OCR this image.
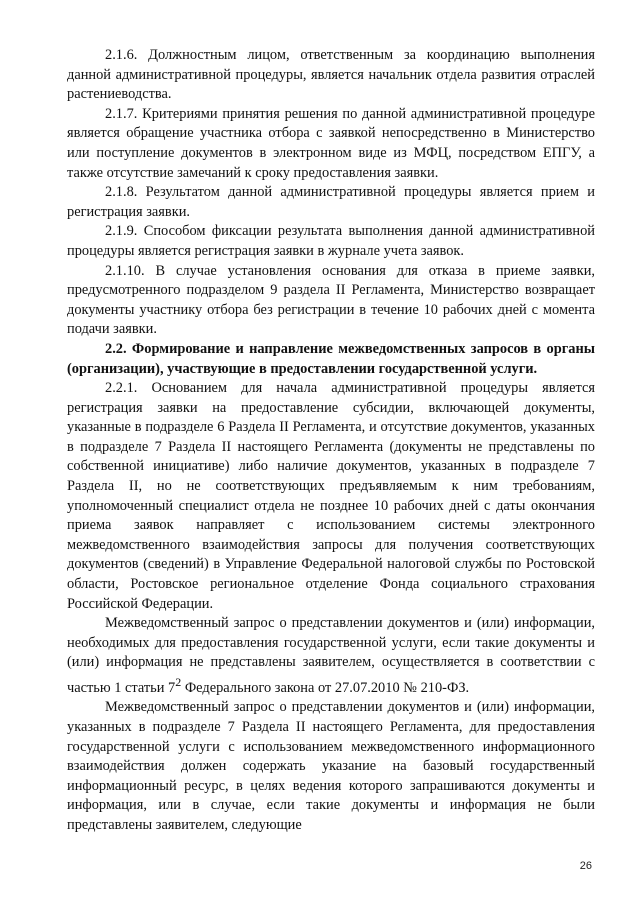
2.1.6. Должностным лицом, ответственным за координацию выполнения данной административной процедуры, является начальник отдела развития отраслей растениеводства.

2.1.7. Критериями принятия решения по данной административной процедуре является обращение участника отбора с заявкой непосредственно в Министерство или поступление документов в электронном виде из МФЦ, посредством ЕПГУ, а также отсутствие замечаний к сроку предоставления заявки.

2.1.8. Результатом данной административной процедуры является прием и регистрация заявки.

2.1.9. Способом фиксации результата выполнения данной административной процедуры является регистрация заявки в журнале учета заявок.

2.1.10. В случае установления основания для отказа в приеме заявки, предусмотренного подразделом 9 раздела II Регламента, Министерство возвращает документы участнику отбора без регистрации в течение 10 рабочих дней с момента подачи заявки.

2.2. Формирование и направление межведомственных запросов в органы (организации), участвующие в предоставлении государственной услуги.

2.2.1. Основанием для начала административной процедуры является регистрация заявки на предоставление субсидии, включающей документы, указанные в подразделе 6 Раздела II Регламента, и отсутствие документов, указанных в подразделе 7 Раздела II настоящего Регламента (документы не представлены по собственной инициативе) либо наличие документов, указанных в подразделе 7 Раздела II, но не соответствующих предъявляемым к ним требованиям, уполномоченный специалист отдела не позднее 10 рабочих дней с даты окончания приема заявок направляет с использованием системы электронного межведомственного взаимодействия запросы для получения соответствующих документов (сведений) в Управление Федеральной налоговой службы по Ростовской области, Ростовское региональное отделение Фонда социального страхования Российской Федерации.

Межведомственный запрос о представлении документов и (или) информации, необходимых для предоставления государственной услуги, если такие документы и (или) информация не представлены заявителем, осуществляется в соответствии с частью 1 статьи $7^2$ Федерального закона от 27.07.2010 № 210-ФЗ.

Межведомственный запрос о представлении документов и (или) информации, указанных в подразделе 7 Раздела II настоящего Регламента, для предоставления государственной услуги с использованием межведомственного информационного взаимодействия должен содержать указание на базовый государственный информационный ресурс, в целях ведения которого запрашиваются документы и информация, или в случае, если такие документы и информация не были представлены заявителем, следующие

26
